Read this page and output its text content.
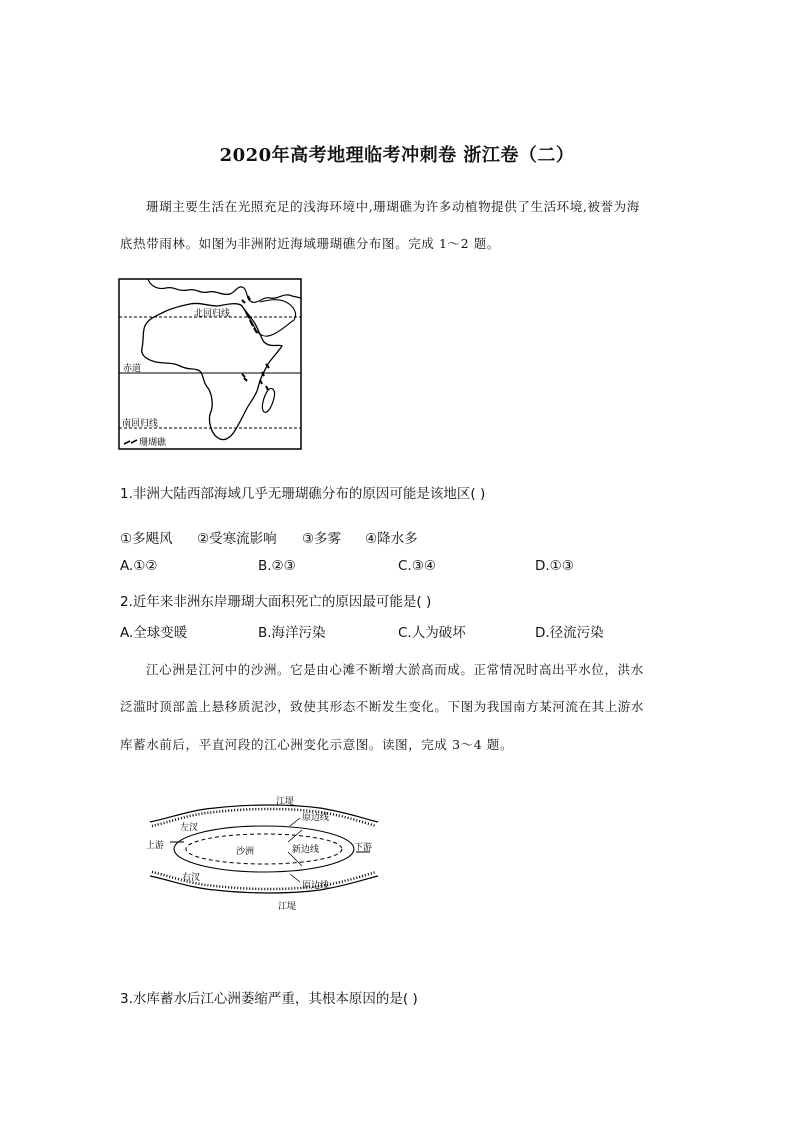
2020年高考地理临考冲刺卷 浙江卷（二）
珊瑚主要生活在光照充足的浅海环境中,珊瑚礁为许多动植物提供了生活环境,被誉为海
底热带雨林。如图为非洲附近海域珊瑚礁分布图。完成 1～2 题。
北回归线
赤道
南回归线
珊瑚礁
1.非洲大陆西部海域几乎无珊瑚礁分布的原因可能是该地区( )
①多飓风 ②受寒流影响 ③多雾 ④降水多
A.①②	B.②③	C.③④	D.①③
2.近年来非洲东岸珊瑚大面积死亡的原因最可能是( )
A.全球变暖	B.海洋污染	C.人为破坏	D.径流污染
江心洲是江河中的沙洲。它是由心滩不断增大淤高而成。正常情况时高出平水位，洪水
泛滥时顶部盖上悬移质泥沙，致使其形态不断发生变化。下图为我国南方某河流在其上游水
库蓄水前后，平直河段的江心洲变化示意图。读图，完成 3～4 题。
江堤
江堤
左汊
右汊
上游	下游
沙洲	新边线
原边线
原边线
3.水库蓄水后江心洲萎缩严重，其根本原因的是( )
